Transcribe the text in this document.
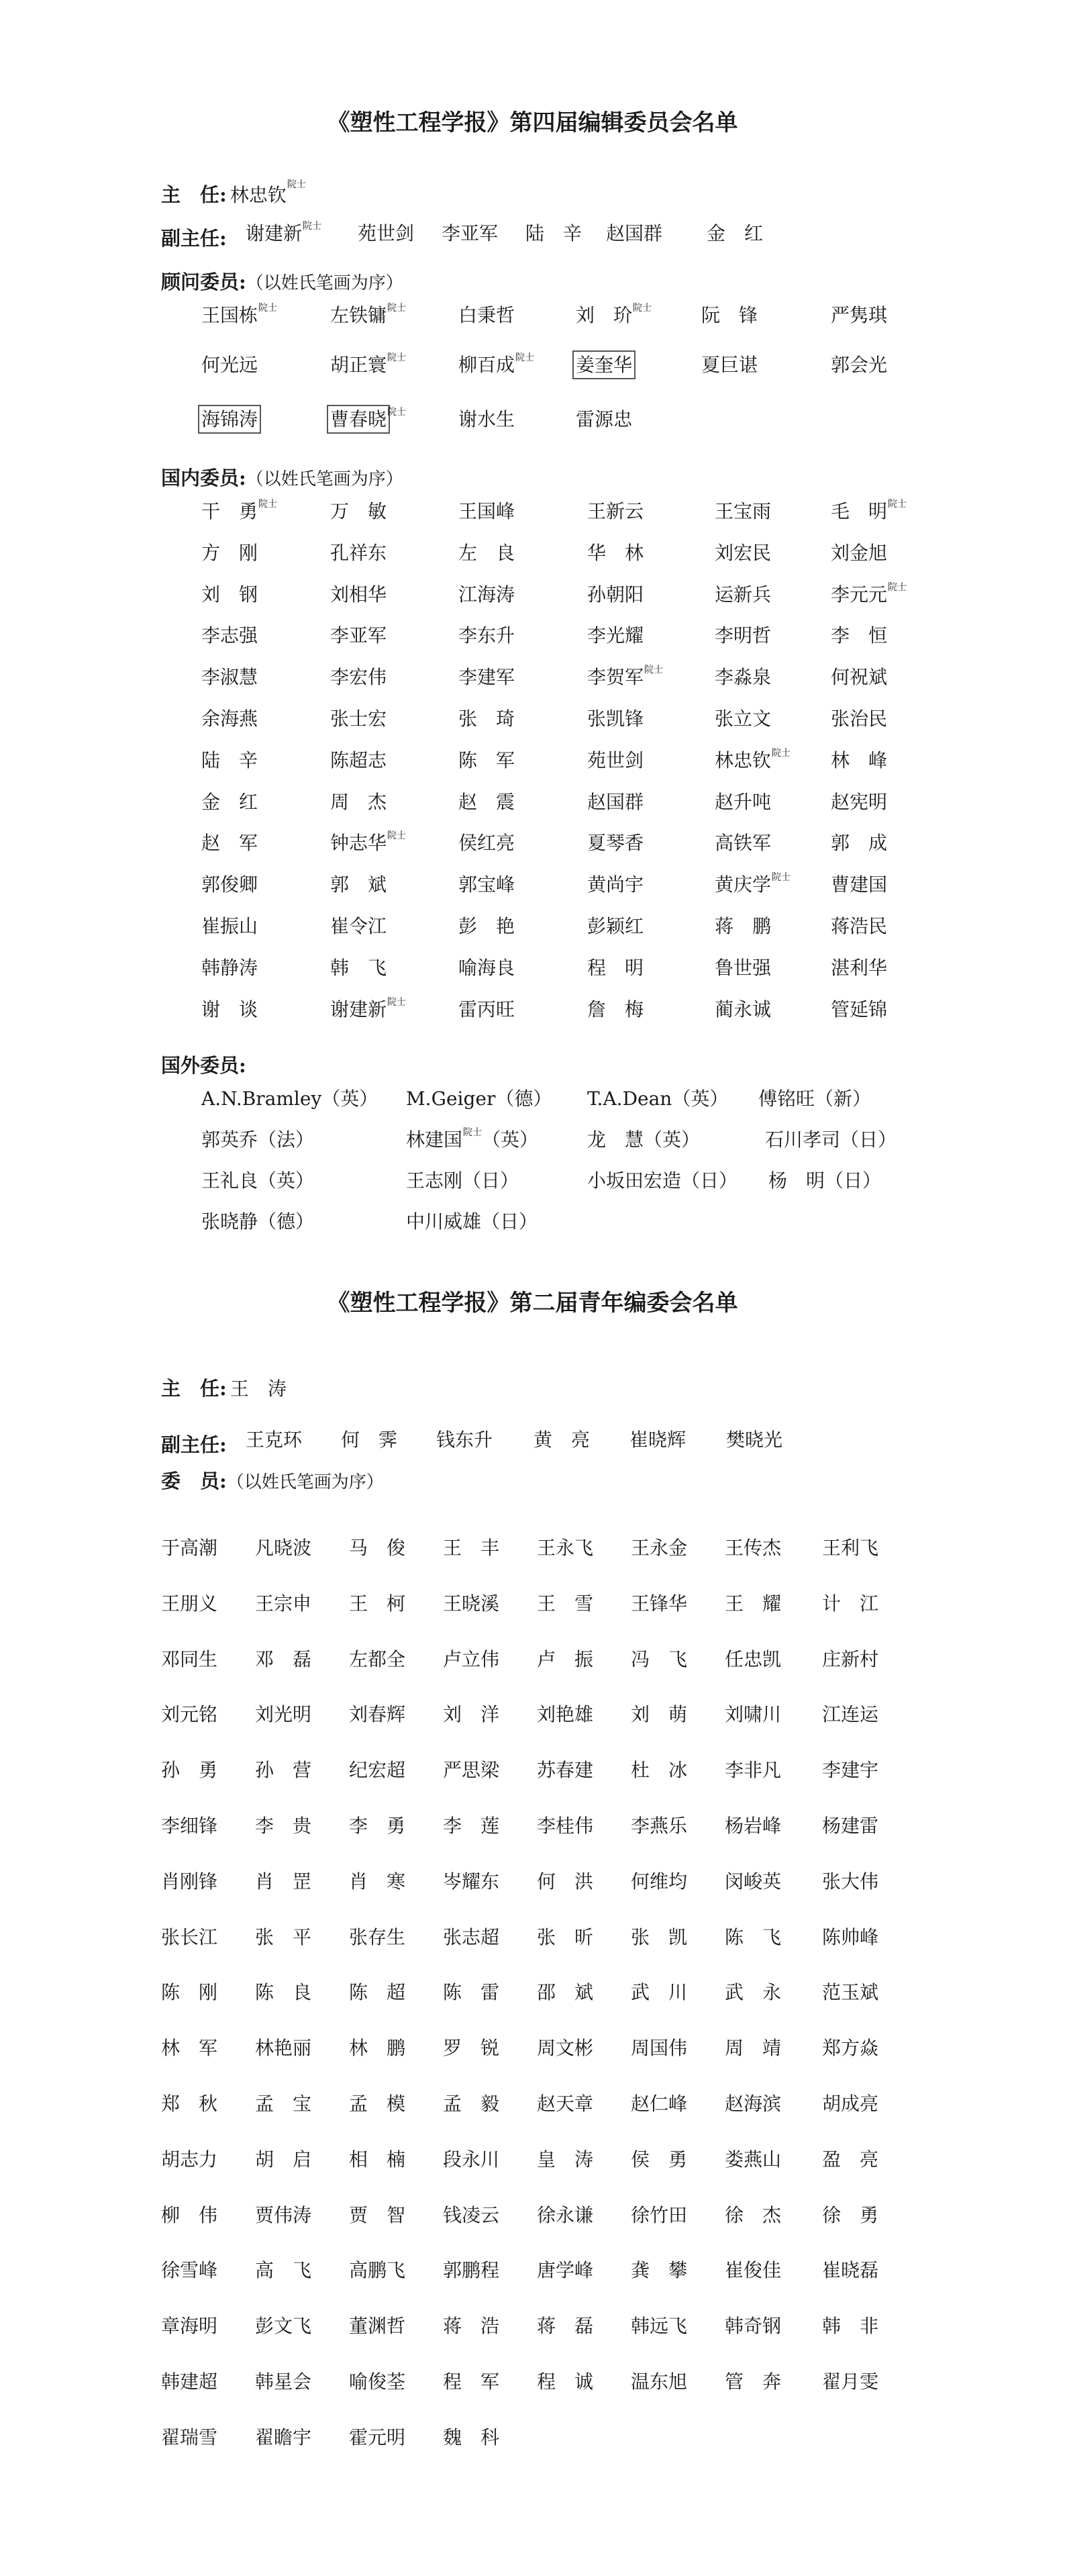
《塑性工程学报》第四届编辑委员会名单
主　任: 林忠钦院士
副主任: 谢建新$^{院士}$ 苑世剑 李亚军 陆　辛 赵国群 金　红
顾问委员:（以姓氏笔画为序）
王国栋$^{院士}$	左铁镛$^{院士}$	白秉哲	刘　玠$^{院士}$	阮　锋	严隽琪
何光远	胡正寰$^{院士}$	柳百成$^{院士}$ 姜奎华	夏巨谌	郭会光
海锦涛	曹春晓$^{院士}$	谢水生	雷源忠
国内委员:（以姓氏笔画为序）
干　勇$^{院士}$	万　敏	王国峰	王新云	王宝雨	毛　明$^{院士}$
方　刚	孔祥东	左　良	华　林	刘宏民	刘金旭
刘　钢	刘相华	江海涛	孙朝阳	运新兵	李元元$^{院士}$
李志强	李亚军	李东升	李光耀	李明哲	李　恒
李淑慧	李宏伟	李建军	李贺军$^{院士}$	李淼泉	何祝斌
余海燕	张士宏	张　琦	张凯锋	张立文	张治民
陆　辛	陈超志	陈　军	苑世剑	林忠钦$^{院士}$ 林　峰
金　红	周　杰	赵　震	赵国群	赵升吨	赵宪明
赵　军	钟志华$^{院士}$	侯红亮	夏琴香	高铁军	郭　成
郭俊卿	郭　斌	郭宝峰	黄尚宇	黄庆学$^{院士}$ 曹建国
崔振山	崔令江	彭　艳	彭颖红	蒋　鹏	蒋浩民
韩静涛	韩　飞	喻海良	程　明	鲁世强	湛利华
谢　谈	谢建新$^{院士}$	雷丙旺	詹　梅	蔺永诚	管延锦
国外委员:
A.N.Bramley（英） M.Geiger（德） T.A.Dean（英） 傅铭旺（新）
郭英乔（法）	林建国$^{院士}$（英）	龙　慧（英）	石川孝司（日）
王礼良（英）	王志刚（日）	小坂田宏造（日） 杨　明（日）
张晓静（德）	中川威雄（日）
《塑性工程学报》第二届青年编委会名单
主　任: 王　涛
副主任: 王克环 何　霁 钱东升 黄　亮 崔晓辉 樊晓光
委　员:（以姓氏笔画为序）
于高潮 凡晓波 马　俊 王　丰 王永飞 王永金 王传杰 王利飞
王朋义 王宗申 王　柯 王晓溪 王　雪 王锋华 王　耀 计　江
邓同生 邓　磊 左都全 卢立伟 卢　振 冯　飞 任忠凯 庄新村
刘元铭 刘光明 刘春辉 刘　洋 刘艳雄 刘　萌 刘啸川 江连运
孙　勇 孙　营 纪宏超 严思梁 苏春建 杜　冰 李非凡 李建宇
李细锋 李　贵 李　勇 李　莲 李桂伟 李燕乐 杨岩峰 杨建雷
肖刚锋 肖　罡 肖　寒 岑耀东 何　洪 何维均 闵峻英 张大伟
张长江 张　平 张存生 张志超 张　昕 张　凯 陈　飞 陈帅峰
陈　刚 陈　良 陈　超 陈　雷 邵　斌 武　川 武　永 范玉斌
林　军 林艳丽 林　鹏 罗　锐 周文彬 周国伟 周　靖 郑方焱
郑　秋 孟　宝 孟　模 孟　毅 赵天章 赵仁峰 赵海滨 胡成亮
胡志力 胡　启 相　楠 段永川 皇　涛 侯　勇 娄燕山 盈　亮
柳　伟 贾伟涛 贾　智 钱凌云 徐永谦 徐竹田 徐　杰 徐　勇
徐雪峰 高　飞 高鹏飞 郭鹏程 唐学峰 龚　攀 崔俊佳 崔晓磊
章海明 彭文飞 董渊哲 蒋　浩 蒋　磊 韩远飞 韩奇钢 韩　非
韩建超 韩星会 喻俊荃 程　军 程　诚 温东旭 管　奔 翟月雯
翟瑞雪 翟瞻宇 霍元明 魏　科
